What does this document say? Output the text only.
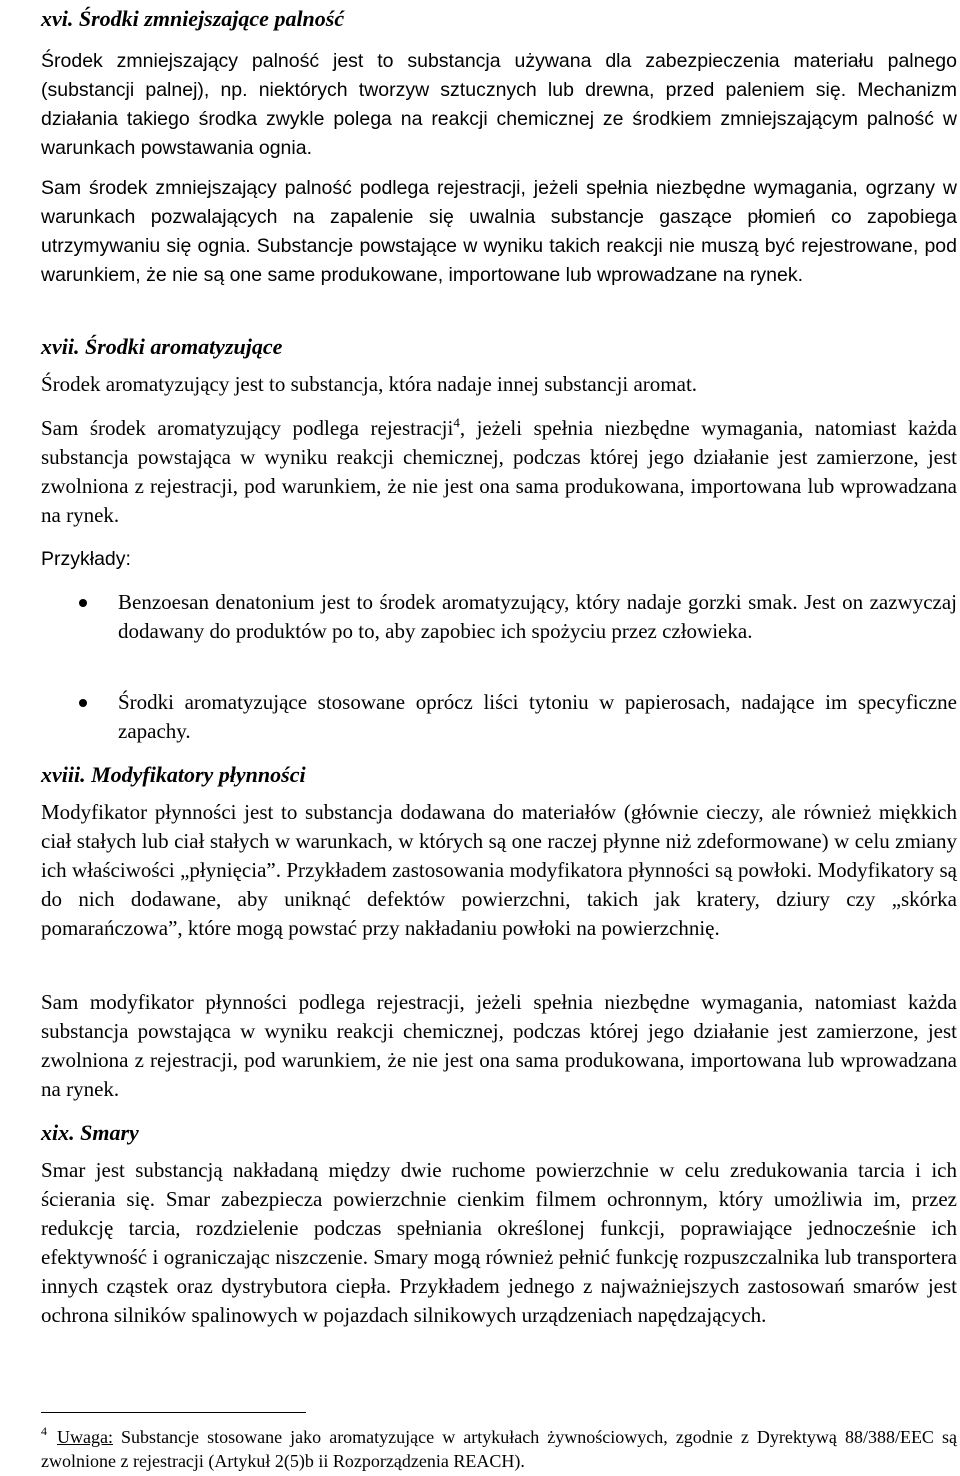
xvi. Środki zmniejszające palność

Środek zmniejszający palność jest to substancja używana dla zabezpieczenia materiału palnego (substancji palnej), np. niektórych tworzyw sztucznych lub drewna, przed paleniem się. Mechanizm działania takiego środka zwykle polega na reakcji chemicznej ze środkiem zmniejszającym palność w warunkach powstawania ognia.

Sam środek zmniejszający palność podlega rejestracji, jeżeli spełnia niezbędne wymagania, ogrzany w warunkach pozwalających na zapalenie się uwalnia substancje gaszące płomień co zapobiega utrzymywaniu się ognia. Substancje powstające w wyniku takich reakcji nie muszą być rejestrowane, pod warunkiem, że nie są one same produkowane, importowane lub wprowadzane na rynek.

xvii. Środki aromatyzujące

Środek aromatyzujący jest to substancja, która nadaje innej substancji aromat.

Sam środek aromatyzujący podlega rejestracji$^4$, jeżeli spełnia niezbędne wymagania, natomiast każda substancja powstająca w wyniku reakcji chemicznej, podczas której jego działanie jest zamierzone, jest zwolniona z rejestracji, pod warunkiem, że nie jest ona sama produkowana, importowana lub wprowadzana na rynek.

Przykłady:

Benzoesan denatonium jest to środek aromatyzujący, który nadaje gorzki smak. Jest on zazwyczaj dodawany do produktów po to, aby zapobiec ich spożyciu przez człowieka.

Środki aromatyzujące stosowane oprócz liści tytoniu w papierosach, nadające im specyficzne zapachy.

xviii. Modyfikatory płynności

Modyfikator płynności jest to substancja dodawana do materiałów (głównie cieczy, ale również miękkich ciał stałych lub ciał stałych w warunkach, w których są one raczej płynne niż zdeformowane) w celu zmiany ich właściwości „płynięcia”. Przykładem zastosowania modyfikatora płynności są powłoki. Modyfikatory są do nich dodawane, aby uniknąć defektów powierzchni, takich jak kratery, dziury czy „skórka pomarańczowa”, które mogą powstać przy nakładaniu powłoki na powierzchnię.

Sam modyfikator płynności podlega rejestracji, jeżeli spełnia niezbędne wymagania, natomiast każda substancja powstająca w wyniku reakcji chemicznej, podczas której jego działanie jest zamierzone, jest zwolniona z rejestracji, pod warunkiem, że nie jest ona sama produkowana, importowana lub wprowadzana na rynek.

xix. Smary

Smar jest substancją nakładaną między dwie ruchome powierzchnie w celu zredukowania tarcia i ich ścierania się. Smar zabezpiecza powierzchnie cienkim filmem ochronnym, który umożliwia im, przez redukcję tarcia, rozdzielenie podczas spełniania określonej funkcji, poprawiające jednocześnie ich efektywność i ograniczając niszczenie. Smary mogą również pełnić funkcję rozpuszczalnika lub transportera innych cząstek oraz dystrybutora ciepła. Przykładem jednego z najważniejszych zastosowań smarów jest ochrona silników spalinowych w pojazdach silnikowych urządzeniach napędzających.

$^4$ Uwaga: Substancje stosowane jako aromatyzujące w artykułach żywnościowych, zgodnie z Dyrektywą 88/388/EEC są zwolnione z rejestracji (Artykuł 2(5)b ii Rozporządzenia REACH).
